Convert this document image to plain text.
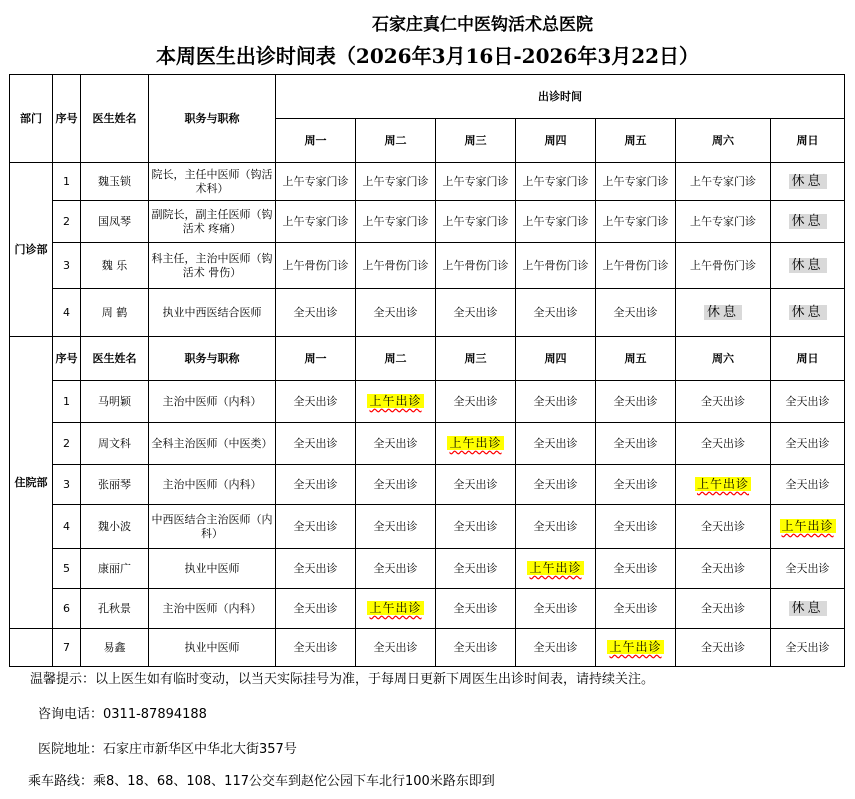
石家庄真仁中医钩活术总医院
本周医生出诊时间表（2026年3月16日-2026年3月22日）
部门	序号	医生姓名	职务与职称	出诊时间						
				周一	周二	周三	周四	周五	周六	周日
门诊部	1	魏玉锁	院长，主任中医师（钩活术科）	上午专家门诊	上午专家门诊	上午专家门诊	上午专家门诊	上午专家门诊	上午专家门诊	休息
	2	国凤琴	副院长，副主任医师（钩活术 疼痛）	上午专家门诊	上午专家门诊	上午专家门诊	上午专家门诊	上午专家门诊	上午专家门诊	休息
	3	魏 乐	科主任，主治中医师（钩活术 骨伤）	上午骨伤门诊	上午骨伤门诊	上午骨伤门诊	上午骨伤门诊	上午骨伤门诊	上午骨伤门诊	休息
	4	周 鹤	执业中西医结合医师	全天出诊	全天出诊	全天出诊	全天出诊	全天出诊	休息	休息
住院部	序号	医生姓名	职务与职称	周一	周二	周三	周四	周五	周六	周日
	1	马明颖	主治中医师（内科）	全天出诊	上午出诊	全天出诊	全天出诊	全天出诊	全天出诊	全天出诊
	2	周文科	全科主治医师（中医类）	全天出诊	全天出诊	上午出诊	全天出诊	全天出诊	全天出诊	全天出诊
	3	张丽琴	主治中医师（内科）	全天出诊	全天出诊	全天出诊	全天出诊	全天出诊	上午出诊	全天出诊
	4	魏小波	中西医结合主治医师（内科）	全天出诊	全天出诊	全天出诊	全天出诊	全天出诊	全天出诊	上午出诊
	5	康丽广	执业中医师	全天出诊	全天出诊	全天出诊	上午出诊	全天出诊	全天出诊	全天出诊
	6	孔秋景	主治中医师（内科）	全天出诊	上午出诊	全天出诊	全天出诊	全天出诊	全天出诊	休息
	7	易鑫	执业中医师	全天出诊	全天出诊	全天出诊	全天出诊	上午出诊	全天出诊	全天出诊
温馨提示：以上医生如有临时变动，以当天实际挂号为准，于每周日更新下周医生出诊时间表，请持续关注。
咨询电话：0311-87894188
医院地址：石家庄市新华区中华北大街357号
乘车路线：乘8、18、68、108、117公交车到赵佗公园下车北行100米路东即到
